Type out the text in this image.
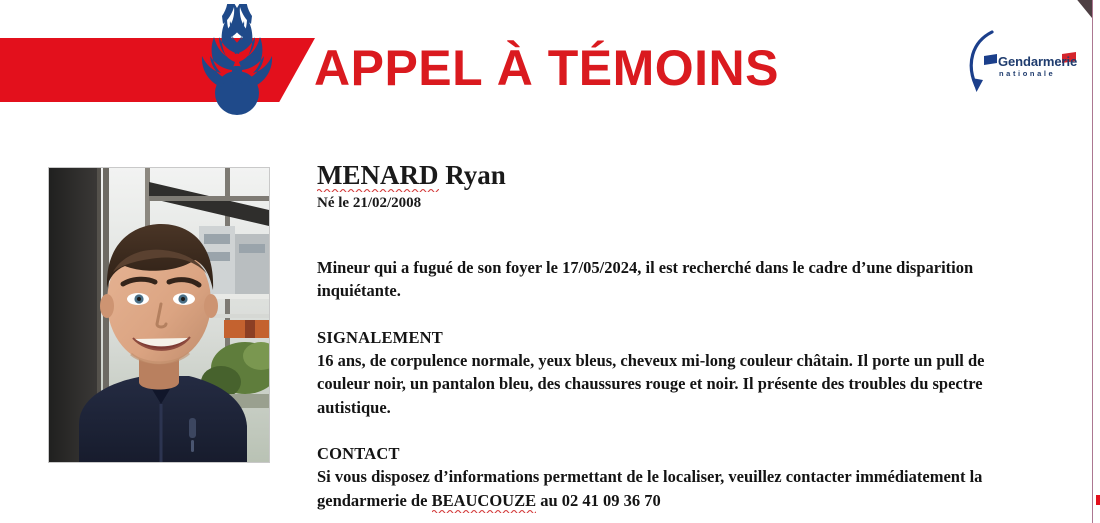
APPEL À TÉMOINS	Gendarmerie
nationale
MENARD Ryan
Né le 21/02/2008

Mineur qui a fugué de son foyer le 17/05/2024, il est recherché dans le cadre d’une disparition inquiétante.

SIGNALEMENT

16 ans, de corpulence normale, yeux bleus, cheveux mi-long couleur châtain. Il porte un pull de couleur noir, un pantalon bleu, des chaussures rouge et noir. Il présente des troubles du spectre autistique.

CONTACT

Si vous disposez d’informations permettant de le localiser, veuillez contacter immédiatement la gendarmerie de BEAUCOUZE
au 02 41 09 36 70
